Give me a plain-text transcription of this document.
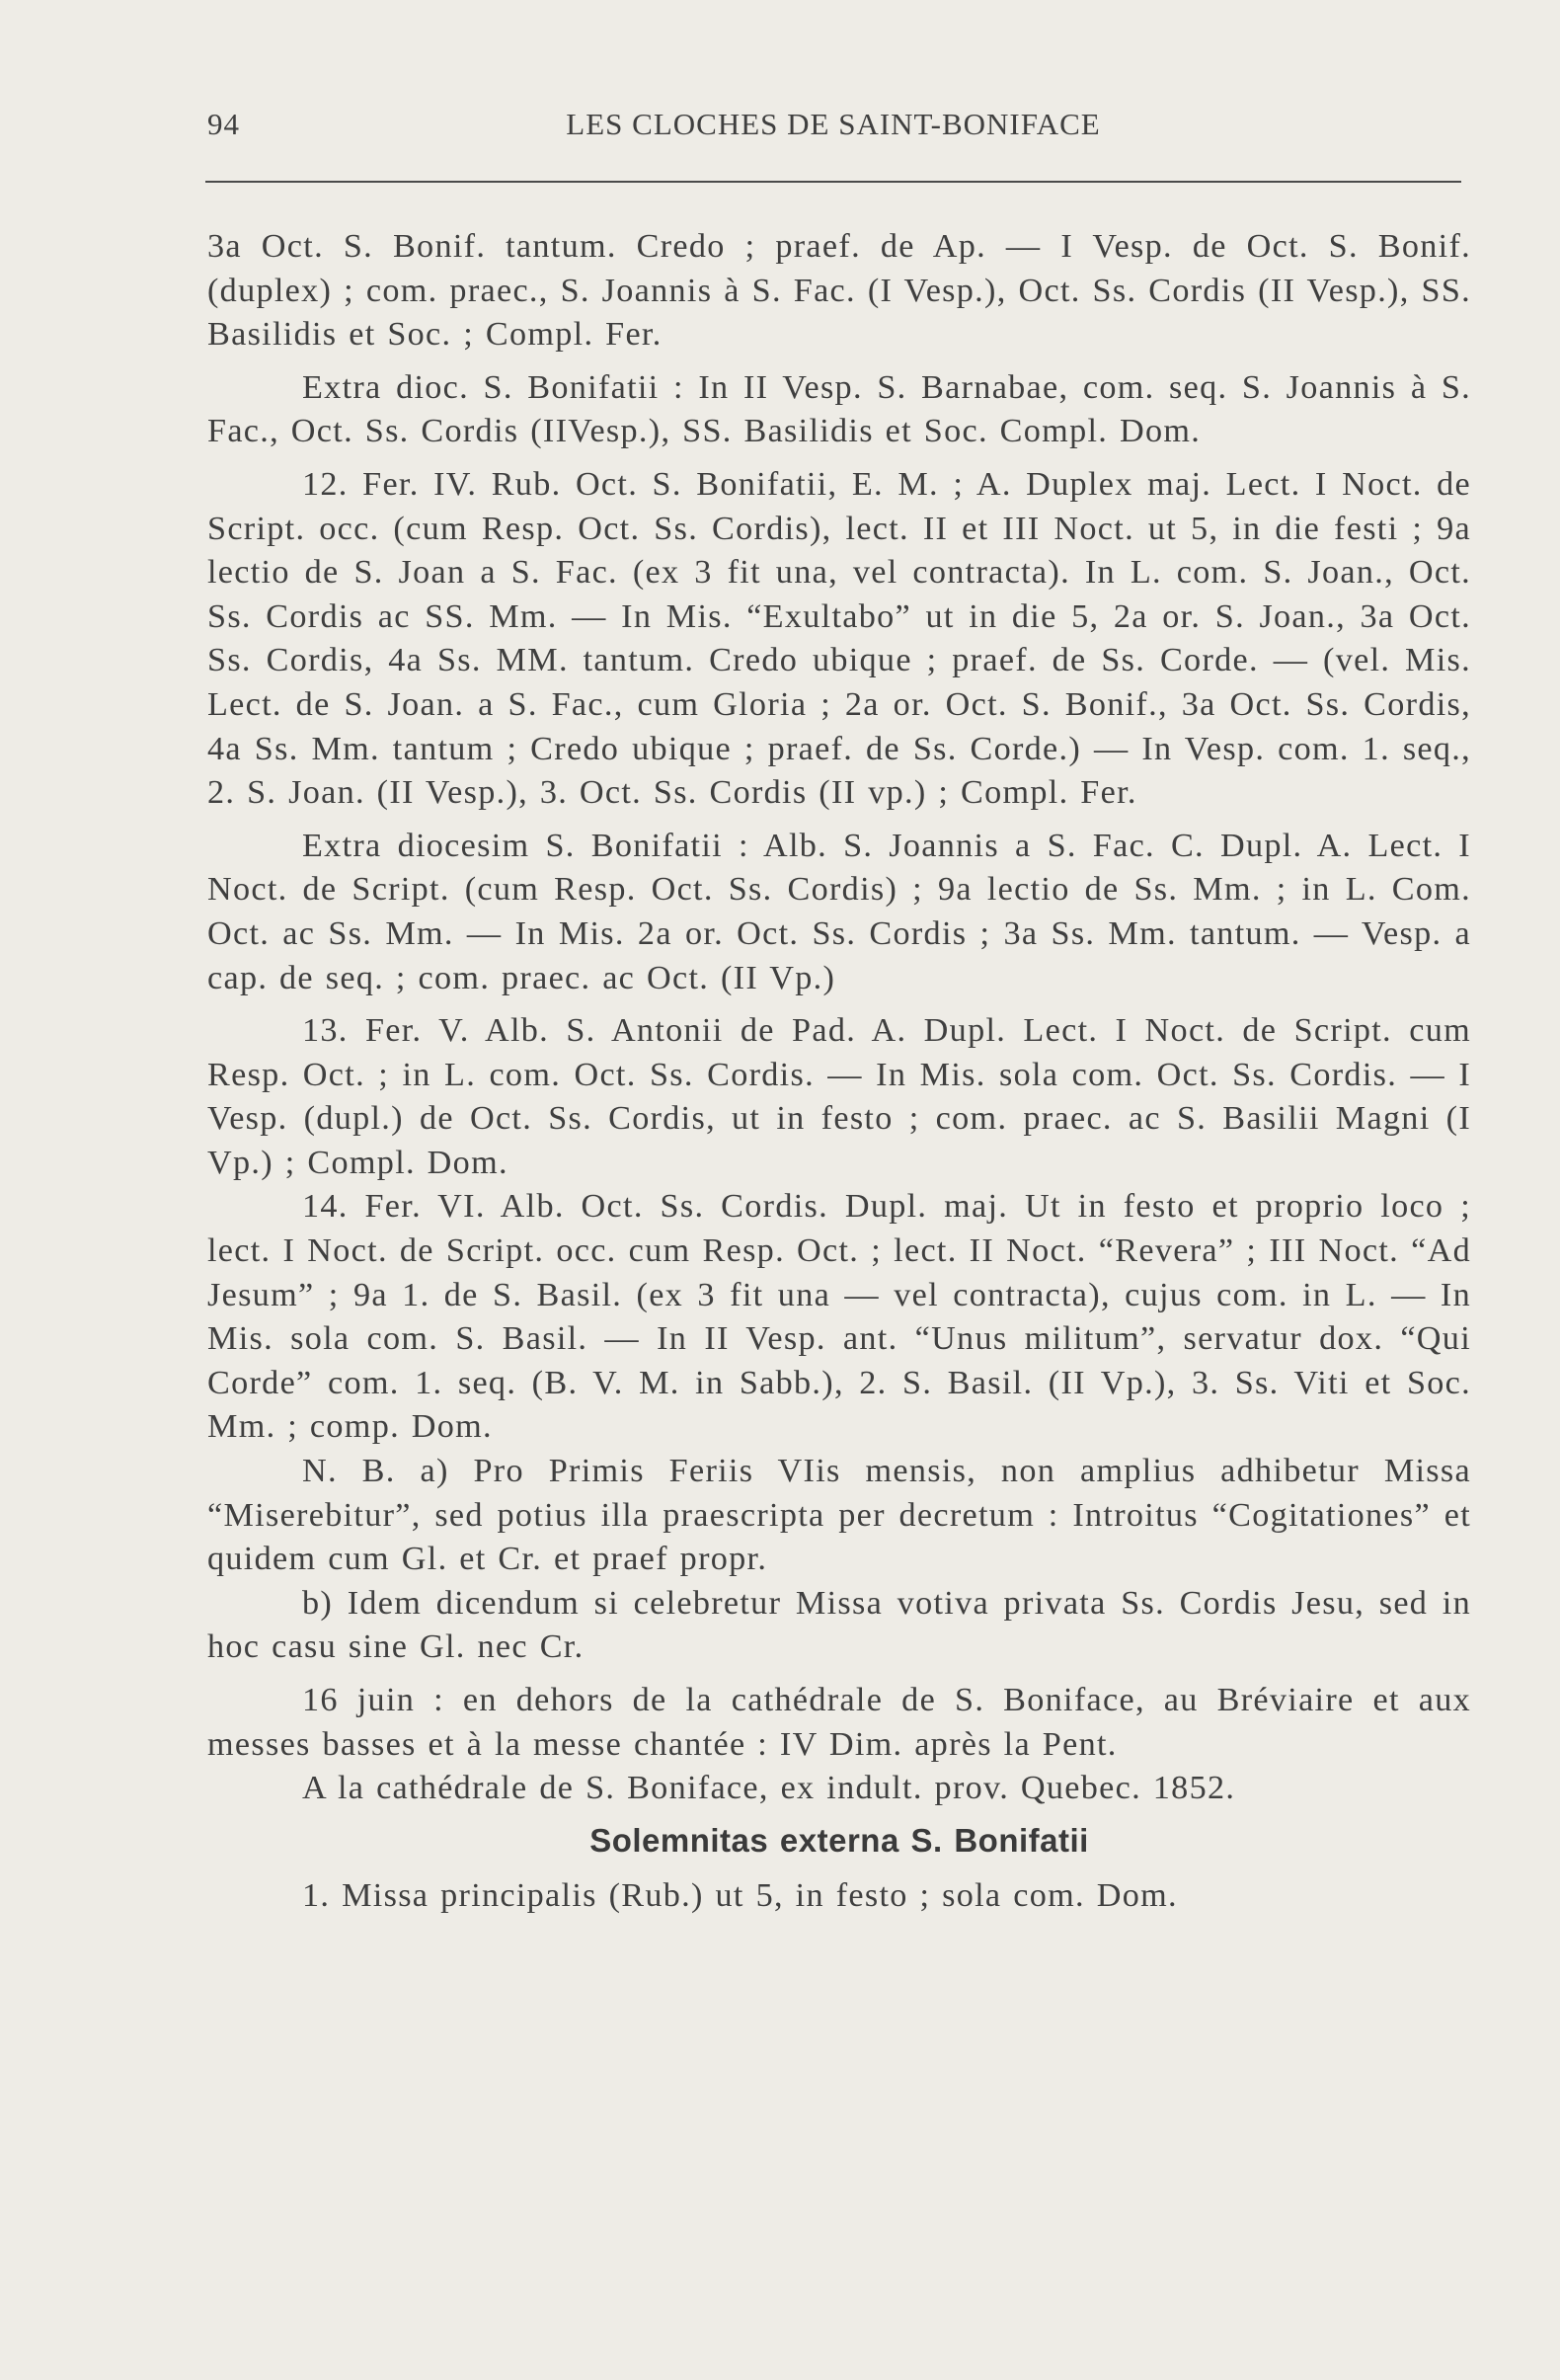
94	LES CLOCHES DE SAINT-BONIFACE

3a Oct. S. Bonif. tantum. Credo ; praef. de Ap. — I Vesp. de Oct. S. Bonif. (duplex) ; com. praec., S. Joannis à S. Fac. (I Vesp.), Oct. Ss. Cordis (II Vesp.), SS. Basilidis et Soc. ; Compl. Fer.

Extra dioc. S. Bonifatii : In II Vesp. S. Barnabae, com. seq. S. Joannis à S. Fac., Oct. Ss. Cordis (IIVesp.), SS. Basilidis et Soc. Compl. Dom.

12. Fer. IV. Rub. Oct. S. Bonifatii, E. M. ; A. Duplex maj. Lect. I Noct. de Script. occ. (cum Resp. Oct. Ss. Cordis), lect. II et III Noct. ut 5, in die festi ; 9a lectio de S. Joan a S. Fac. (ex 3 fit una, vel contracta). In L. com. S. Joan., Oct. Ss. Cordis ac SS. Mm. — In Mis. “Exultabo” ut in die 5, 2a or. S. Joan., 3a Oct. Ss. Cordis, 4a Ss. MM. tantum. Credo ubique ; praef. de Ss. Corde. — (vel. Mis. Lect. de S. Joan. a S. Fac., cum Gloria ; 2a or. Oct. S. Bonif., 3a Oct. Ss. Cordis, 4a Ss. Mm. tantum ; Credo ubique ; praef. de Ss. Corde.) — In Vesp. com. 1. seq., 2. S. Joan. (II Vesp.), 3. Oct. Ss. Cordis (II vp.) ; Compl. Fer.

Extra diocesim S. Bonifatii : Alb. S. Joannis a S. Fac. C. Dupl. A. Lect. I Noct. de Script. (cum Resp. Oct. Ss. Cordis) ; 9a lectio de Ss. Mm. ; in L. Com. Oct. ac Ss. Mm. — In Mis. 2a or. Oct. Ss. Cordis ; 3a Ss. Mm. tantum. — Vesp. a cap. de seq. ; com. praec. ac Oct. (II Vp.)

13. Fer. V. Alb. S. Antonii de Pad. A. Dupl. Lect. I Noct. de Script. cum Resp. Oct. ; in L. com. Oct. Ss. Cordis. — In Mis. sola com. Oct. Ss. Cordis. — I Vesp. (dupl.) de Oct. Ss. Cordis, ut in festo ; com. praec. ac S. Basilii Magni (I Vp.) ; Compl. Dom.

14. Fer. VI. Alb. Oct. Ss. Cordis. Dupl. maj. Ut in festo et proprio loco ; lect. I Noct. de Script. occ. cum Resp. Oct. ; lect. II Noct. “Revera” ; III Noct. “Ad Jesum” ; 9a 1. de S. Basil. (ex 3 fit una — vel contracta), cujus com. in L. — In Mis. sola com. S. Basil. — In II Vesp. ant. “Unus militum”, servatur dox. “Qui Corde” com. 1. seq. (B. V. M. in Sabb.), 2. S. Basil. (II Vp.), 3. Ss. Viti et Soc. Mm. ; comp. Dom.

N. B. a) Pro Primis Feriis VIis mensis, non amplius adhibetur Missa “Miserebitur”, sed potius illa praescripta per decretum : Introitus “Cogitationes” et quidem cum Gl. et Cr. et praef propr.

b) Idem dicendum si celebretur Missa votiva privata Ss. Cordis Jesu, sed in hoc casu sine Gl. nec Cr.

16 juin : en dehors de la cathédrale de S. Boniface, au Bréviaire et aux messes basses et à la messe chantée : IV Dim. après la Pent.

A la cathédrale de S. Boniface, ex indult. prov. Quebec. 1852.

Solemnitas externa S. Bonifatii

1. Missa principalis (Rub.) ut 5, in festo ; sola com. Dom.
